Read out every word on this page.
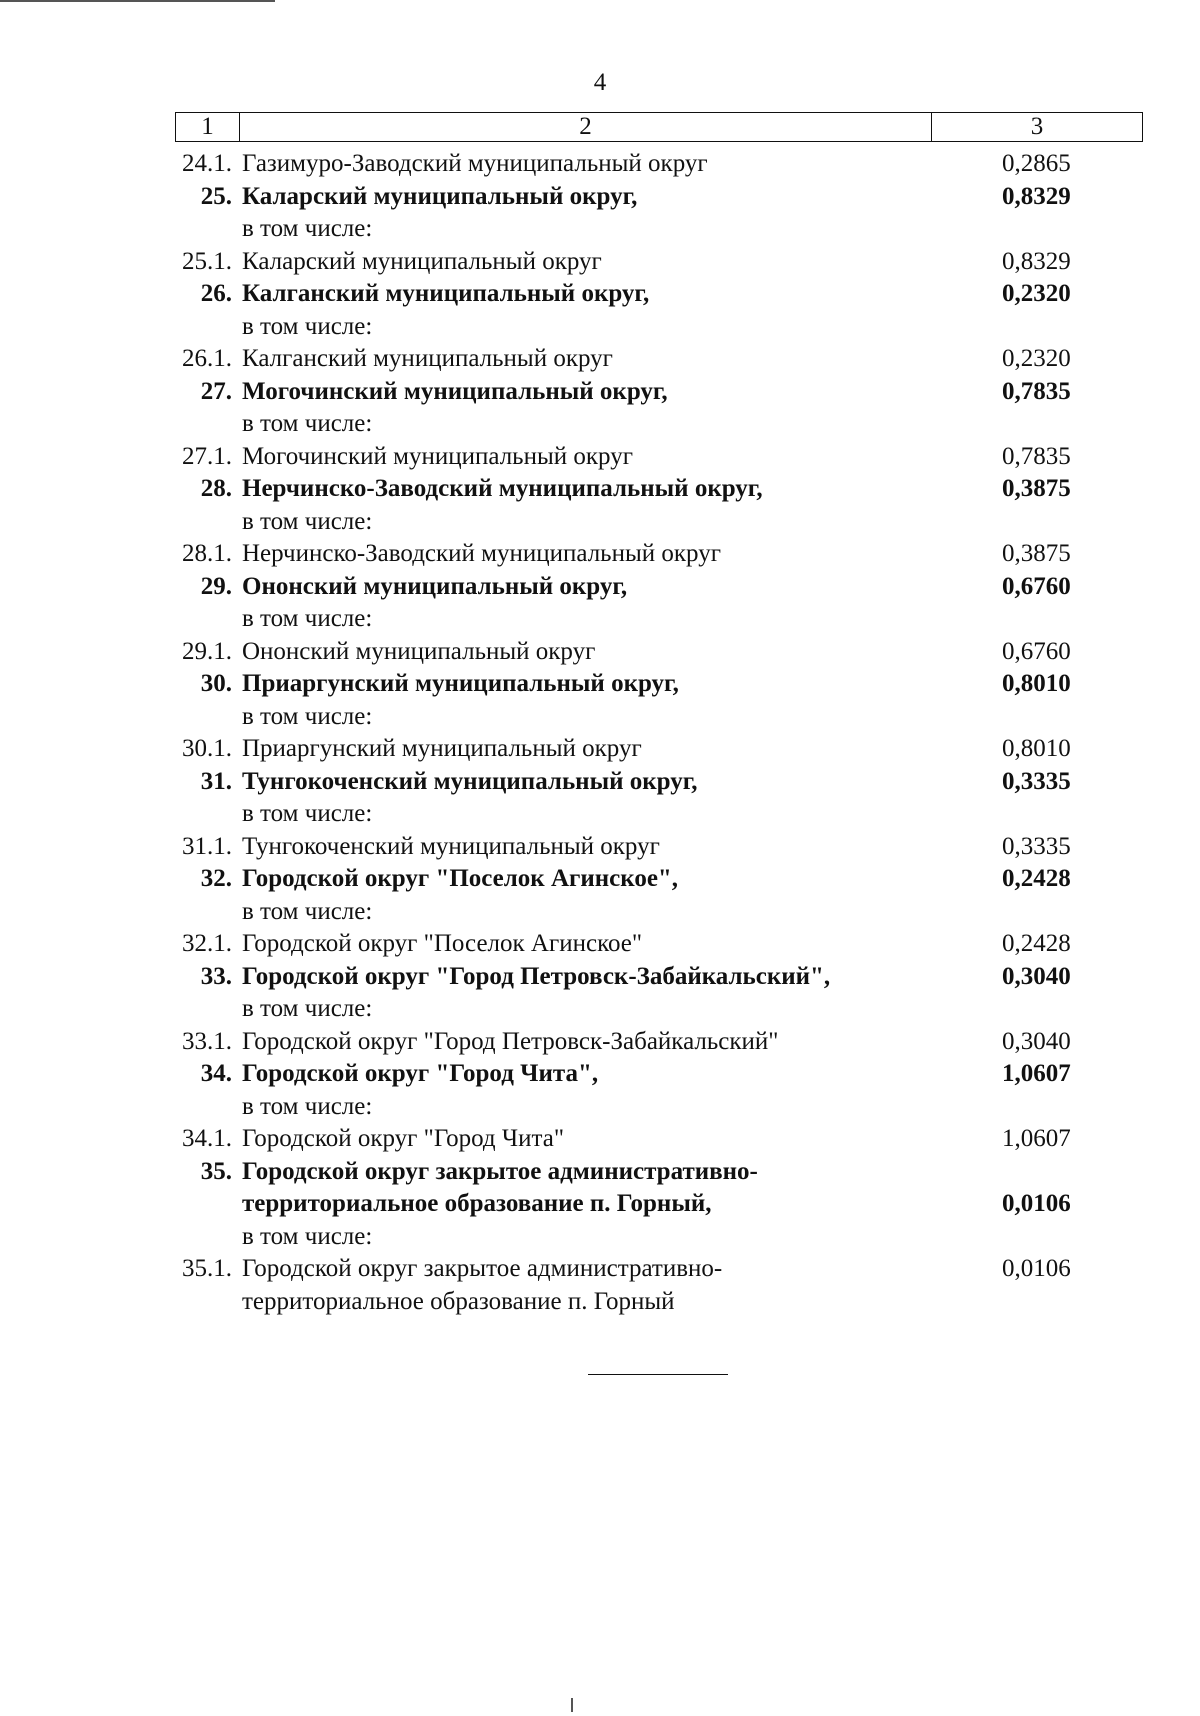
4
1	2	3
24.1. Газимуро-Заводский муниципальный округ	0,2865
25. Каларский муниципальный округ,	0,8329
в том числе:
25.1. Каларский муниципальный округ	0,8329
26. Калганский муниципальный округ,	0,2320
в том числе:
26.1. Калганский муниципальный округ	0,2320
27. Могочинский муниципальный округ,	0,7835
в том числе:
27.1. Могочинский муниципальный округ	0,7835
28. Нерчинско-Заводский муниципальный округ,	0,3875
в том числе:
28.1. Нерчинско-Заводский муниципальный округ	0,3875
29. Ононский муниципальный округ,	0,6760
в том числе:
29.1. Ононский муниципальный округ	0,6760
30. Приаргунский муниципальный округ,	0,8010
в том числе:
30.1. Приаргунский муниципальный округ	0,8010
31. Тунгокоченский муниципальный округ,	0,3335
в том числе:
31.1. Тунгокоченский муниципальный округ	0,3335
32. Городской округ "Поселок Агинское",	0,2428
в том числе:
32.1. Городской округ "Поселок Агинское"	0,2428
33. Городской округ "Город Петровск-Забайкальский",	0,3040
в том числе:
33.1. Городской округ "Город Петровск-Забайкальский"	0,3040
34. Городской округ "Город Чита",	1,0607
в том числе:
34.1. Городской округ "Город Чита"	1,0607
35. Городской округ закрытое административно-
территориальное образование п. Горный,	0,0106
в том числе:
35.1. Городской округ закрытое административно-	0,0106
территориальное образование п. Горный
